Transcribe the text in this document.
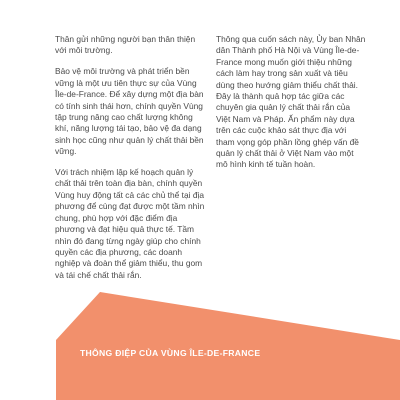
Thân gửi những người bạn thân thiện với môi trường.

Bảo vệ môi trường và phát triển bền vững là một ưu tiên thực sự của Vùng Île-de-France. Để xây dựng một địa bàn có tính sinh thái hơn, chính quyền Vùng tập trung nâng cao chất lượng không khí, năng lượng tái tạo, bảo vệ đa dạng sinh học cũng như quản lý chất thải bền vững.

Với trách nhiệm lập kế hoạch quản lý chất thải trên toàn địa bàn, chính quyền Vùng huy động tất cả các chủ thể tại địa phương để cùng đạt được một tầm nhìn chung, phù hợp với đặc điểm địa phương và đạt hiệu quả thực tế. Tầm nhìn đó đang từng ngày giúp cho chính quyền các địa phương, các doanh nghiệp và đoàn thể giảm thiểu, thu gom và tái chế chất thải rắn.

Thông qua cuốn sách này, Ủy ban Nhân dân Thành phố Hà Nội và Vùng Île-de-France mong muốn giới thiệu những cách làm hay trong sản xuất và tiêu dùng theo hướng giảm thiểu chất thải. Đây là thành quả hợp tác giữa các chuyên gia quản lý chất thải rắn của Việt Nam và Pháp. Ấn phẩm này dựa trên các cuộc khảo sát thực địa với tham vọng góp phần lồng ghép vấn đề quản lý chất thải ở Việt Nam vào một mô hình kinh tế tuần hoàn.

THÔNG ĐIỆP CỦA VÙNG ÎLE-DE-FRANCE
